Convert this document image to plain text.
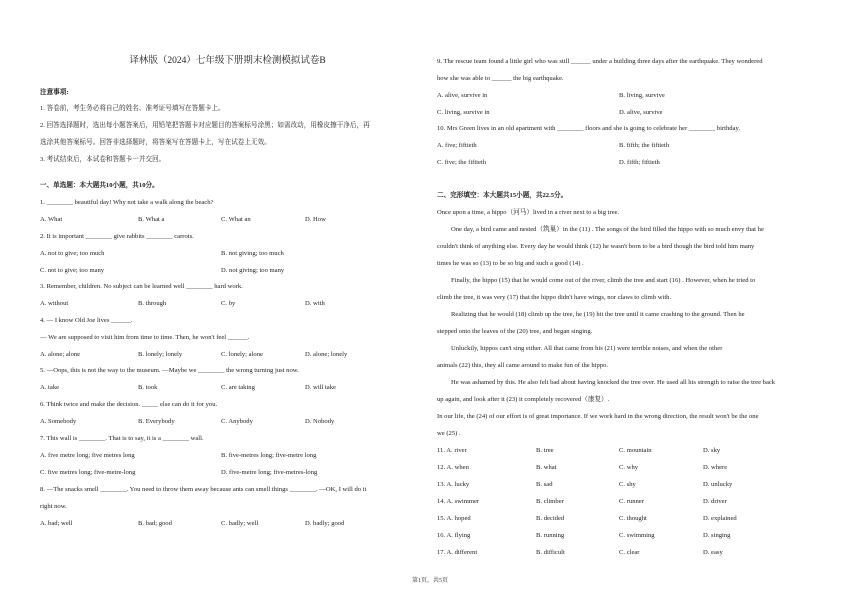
译林版（2024）七年级下册期末检测模拟试卷B
注意事项:
1. 答卷前，考生务必将自己的姓名、准考证号填写在答题卡上。
2. 回答选择题时，选出每小题答案后，用铅笔把答题卡对应题目的答案标号涂黑；如需改动，用橡皮擦干净后，再
选涂其他答案标号。回答非选择题时，将答案写在答题卡上，写在试卷上无效。
3. 考试结束后，本试卷和答题卡一并交回。
一、单选题：本大题共10小题，共10分。
1. ________ beautiful day! Why not take a walk along the beach?
A. What	B. What a	C. What an	D. How
2. It is important ________ give rabbits ________ carrots.
A. not to give; too much	B. not giving; too much
C. not to give; too many	D. not giving; too many
3. Remember, children. No subject can be learned well ________ hard work.
A. without	B. through	C. by	D. with
4. — I know Old Joe lives ______.
— We are supposed to visit him from time to time. Then, he won't feel ______.
A. alone; alone	B. lonely; lonely	C. lonely; alone	D. alone; lonely
5. —Oops, this is not the way to the museum. —Maybe we ________ the wrong turning just now.
A. take	B. took	C. are taking	D. will take
6. Think twice and make the decision. _____ else can do it for you.
A. Somebody	B. Everybody	C. Anybody	D. Nobody
7. This wall is ________. That is to say, it is a ________ wall.
A. five metre long; five metres long	B. five-metres long; five-metre long
C. five metres long; five-metre-long	D. five-metre long; five-metres-long
8. —The snacks smell ________. You need to throw them away because ants can smell things ________. —OK, I will do it
right now.
A. bad; well	B. bad; good	C. badly; well	D. badly; good
9. The rescue team found a little girl who was still ______ under a building three days after the earthquake. They wondered
how she was able to ______ the big earthquake.
A. alive, survive in	B. living, survive
C. living, survive in	D. alive, survive
10. Mrs Green lives in an old apartment with ________ floors and she is going to celebrate her ________ birthday.
A. five; fiftieth	B. fifth; the fiftieth
C. five; the fiftieth	D. fifth; fiftieth
二、完形填空：本大题共15小题，共22.5分。
Once upon a time, a hippo（河马）lived in a river next to a big tree.
One day, a bird came and nested（筑巢）in the (11) . The songs of the bird filled the hippo with so much envy that he
couldn't think of anything else. Every day he would think (12) he wasn't born to be a bird though the bird told him many
times he was so (13) to be so big and such a good (14) .
Finally, the hippo (15) that he would come out of the river, climb the tree and start (16) . However, when he tried to
climb the tree, it was very (17) that the hippo didn't have wings, nor claws to climb with.
Realizing that he would (18) climb up the tree, he (19) hit the tree until it came crashing to the ground. Then he
stepped onto the leaves of the (20) tree, and began singing.
Unluckily, hippos can't sing either. All that came from his (21) were terrible noises, and when the other
animals (22) this, they all came around to make fun of the hippo.
He was ashamed by this. He also felt bad about having knocked the tree over. He used all his strength to raise the tree back
up again, and look after it (23) it completely recovered（康复）.
In our life, the (24) of our effort is of great importance. If we work hard in the wrong direction, the result won't be the one
we (25) .
11. A. river	B. tree	C. mountain	D. sky
12. A. when	B. what	C. why	D. where
13. A. lucky	B. sad	C. shy	D. unlucky
14. A. swimmer	B. climber	C. runner	D. driver
15. A. hoped	B. decided	C. thought	D. explained
16. A. flying	B. running	C. swimming	D. singing
17. A. different	B. difficult	C. clear	D. easy
第1页，共5页
